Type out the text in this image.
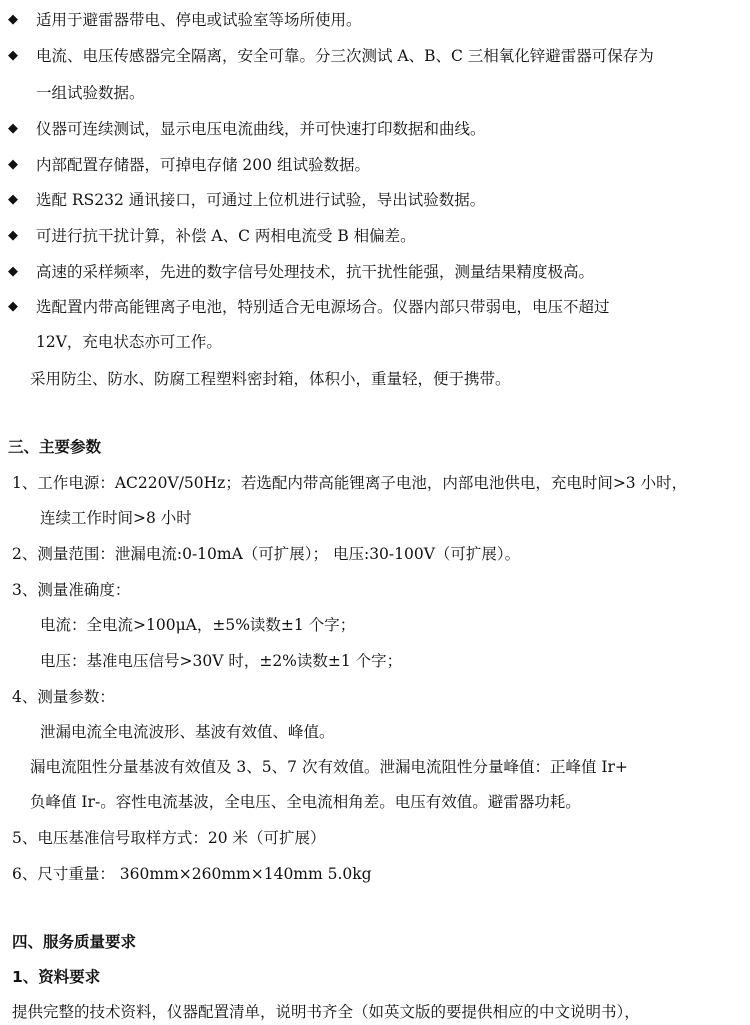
◆ 适用于避雷器带电、停电或试验室等场所使用。
◆ 电流、电压传感器完全隔离，安全可靠。分三次测试 A、B、C 三相氧化锌避雷器可保存为
一组试验数据。
◆ 仪器可连续测试，显示电压电流曲线，并可快速打印数据和曲线。
◆ 内部配置存储器，可掉电存储 200 组试验数据。
◆ 选配 RS232 通讯接口，可通过上位机进行试验，导出试验数据。
◆ 可进行抗干扰计算，补偿 A、C 两相电流受 B 相偏差。
◆ 高速的采样频率，先进的数字信号处理技术，抗干扰性能强，测量结果精度极高。
◆ 选配置内带高能锂离子电池，特别适合无电源场合。仪器内部只带弱电，电压不超过
12V，充电状态亦可工作。
采用防尘、防水、防腐工程塑料密封箱，体积小，重量轻，便于携带。
三、主要参数
1、工作电源：AC220V/50Hz；若选配内带高能锂离子电池，内部电池供电，充电时间>3 小时，
连续工作时间>8 小时
2、测量范围：泄漏电流:0-10mA（可扩展）； 电压:30-100V（可扩展）。
3、测量准确度：
电流：全电流>100μA，±5%读数±1 个字；
电压：基准电压信号>30V 时，±2%读数±1 个字；
4、测量参数：
泄漏电流全电流波形、基波有效值、峰值。
漏电流阻性分量基波有效值及 3、5、7 次有效值。泄漏电流阻性分量峰值：正峰值 Ir+
负峰值 Ir-。容性电流基波，全电压、全电流相角差。电压有效值。避雷器功耗。
5、电压基准信号取样方式：20 米（可扩展）
6、尺寸重量： 360mm×260mm×140mm 5.0kg
四、服务质量要求
1、资料要求
提供完整的技术资料，仪器配置清单，说明书齐全（如英文版的要提供相应的中文说明书），
